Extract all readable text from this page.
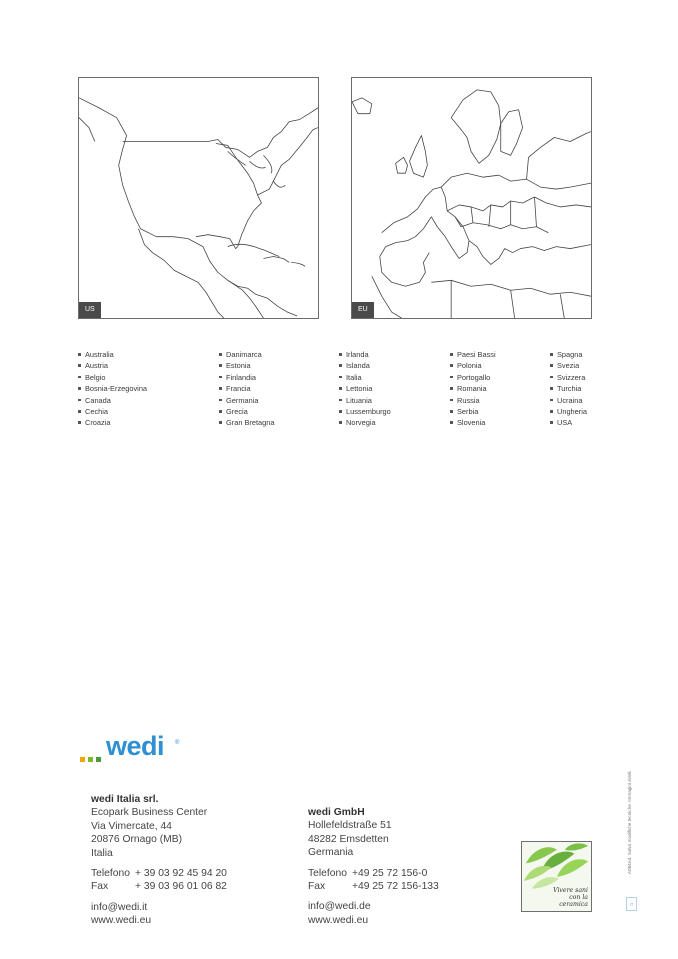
US	EU
Australia
Austria
Belgio
Bosnia-Erzegovina
Canada
Cechia
Croazia
Danimarca
Estonia
Finlandia
Francia
Germania
Grecia
Gran Bretagna
Irlanda
Islanda
Italia
Lettonia
Lituania
Lussemburgo
Norvegia
Paesi Bassi
Polonia
Portogallo
Romania
Russia
Serbia
Slovenia
Spagna
Svezia
Svizzera
Turchia
Ucraina
Ungheria
USA
wedi ®
wedi Italia srl.
Ecopark Business Center
Via Vimercate, 44
20876 Ornago (MB)
Italia
Telefono + 39 03 92 45 94 20
Fax	+ 39 03 96 01 06 82
info@wedi.it
www.wedi.eu
wedi GmbH
Hollefeldstraße 51
48282 Emsdetten
Germania
Telefono +49 25 72 156-0
Fax	+49 25 72 156-133
info@wedi.de
www.wedi.eu
Vivere sani
con la
ceramica
A084A4. Salvo modifiche tecniche. Immagini simili.
IT
